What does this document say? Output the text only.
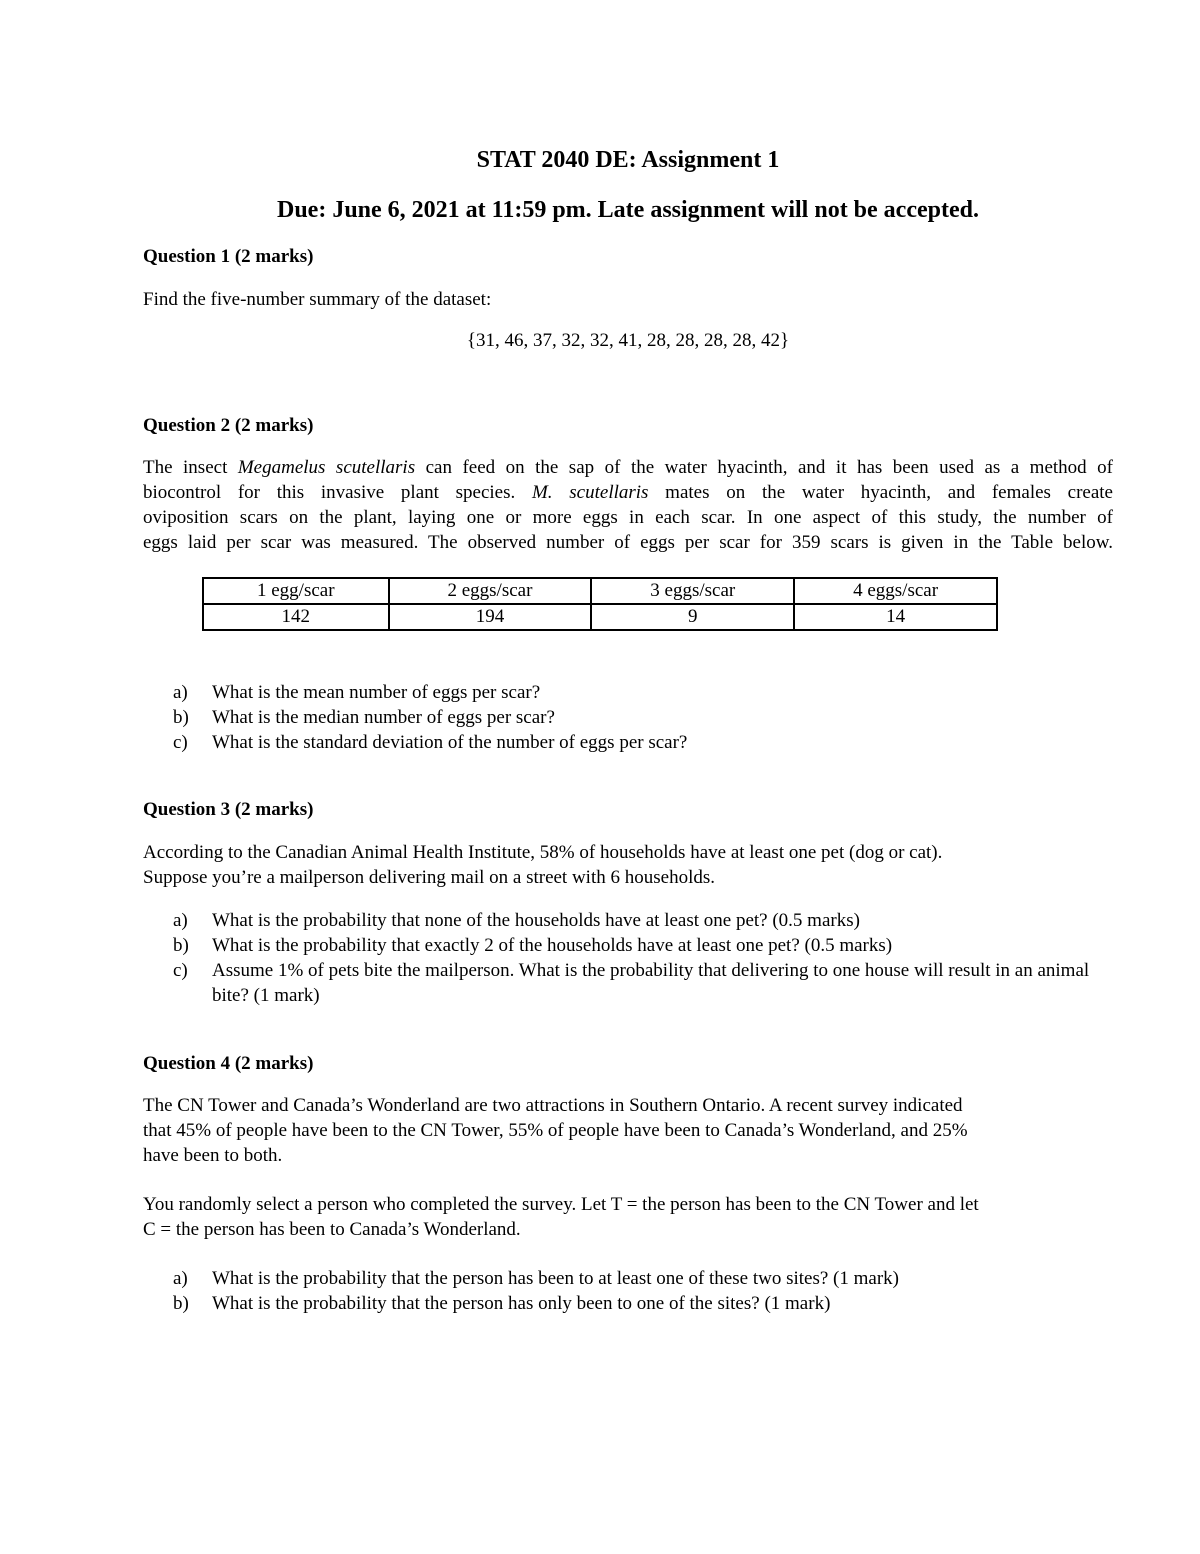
STAT 2040 DE: Assignment 1
Due: June 6, 2021 at 11:59 pm. Late assignment will not be accepted.
Question 1 (2 marks)
Find the five-number summary of the dataset:
{31, 46, 37, 32, 32, 41, 28, 28, 28, 28, 42}
Question 2 (2 marks)
The insect Megamelus scutellaris can feed on the sap of the water hyacinth, and it has been used as a method of
biocontrol for this invasive plant species. M. scutellaris mates on the water hyacinth, and females create
oviposition scars on the plant, laying one or more eggs in each scar. In one aspect of this study, the number of
eggs laid per scar was measured. The observed number of eggs per scar for 359 scars is given in the Table below.
1 egg/scar	2 eggs/scar	3 eggs/scar	4 eggs/scar
142	194	9	14
a) What is the mean number of eggs per scar?
b) What is the median number of eggs per scar?
c) What is the standard deviation of the number of eggs per scar?
Question 3 (2 marks)
According to the Canadian Animal Health Institute, 58% of households have at least one pet (dog or cat).
Suppose you’re a mailperson delivering mail on a street with 6 households.
a) What is the probability that none of the households have at least one pet? (0.5 marks)
b) What is the probability that exactly 2 of the households have at least one pet? (0.5 marks)
c) Assume 1% of pets bite the mailperson. What is the probability that delivering to one house will result in an animal bite? (1 mark)
Question 4 (2 marks)
The CN Tower and Canada’s Wonderland are two attractions in Southern Ontario. A recent survey indicated
that 45% of people have been to the CN Tower, 55% of people have been to Canada’s Wonderland, and 25%
have been to both.
You randomly select a person who completed the survey. Let T = the person has been to the CN Tower and let
C = the person has been to Canada’s Wonderland.
a) What is the probability that the person has been to at least one of these two sites? (1 mark)
b) What is the probability that the person has only been to one of the sites? (1 mark)
